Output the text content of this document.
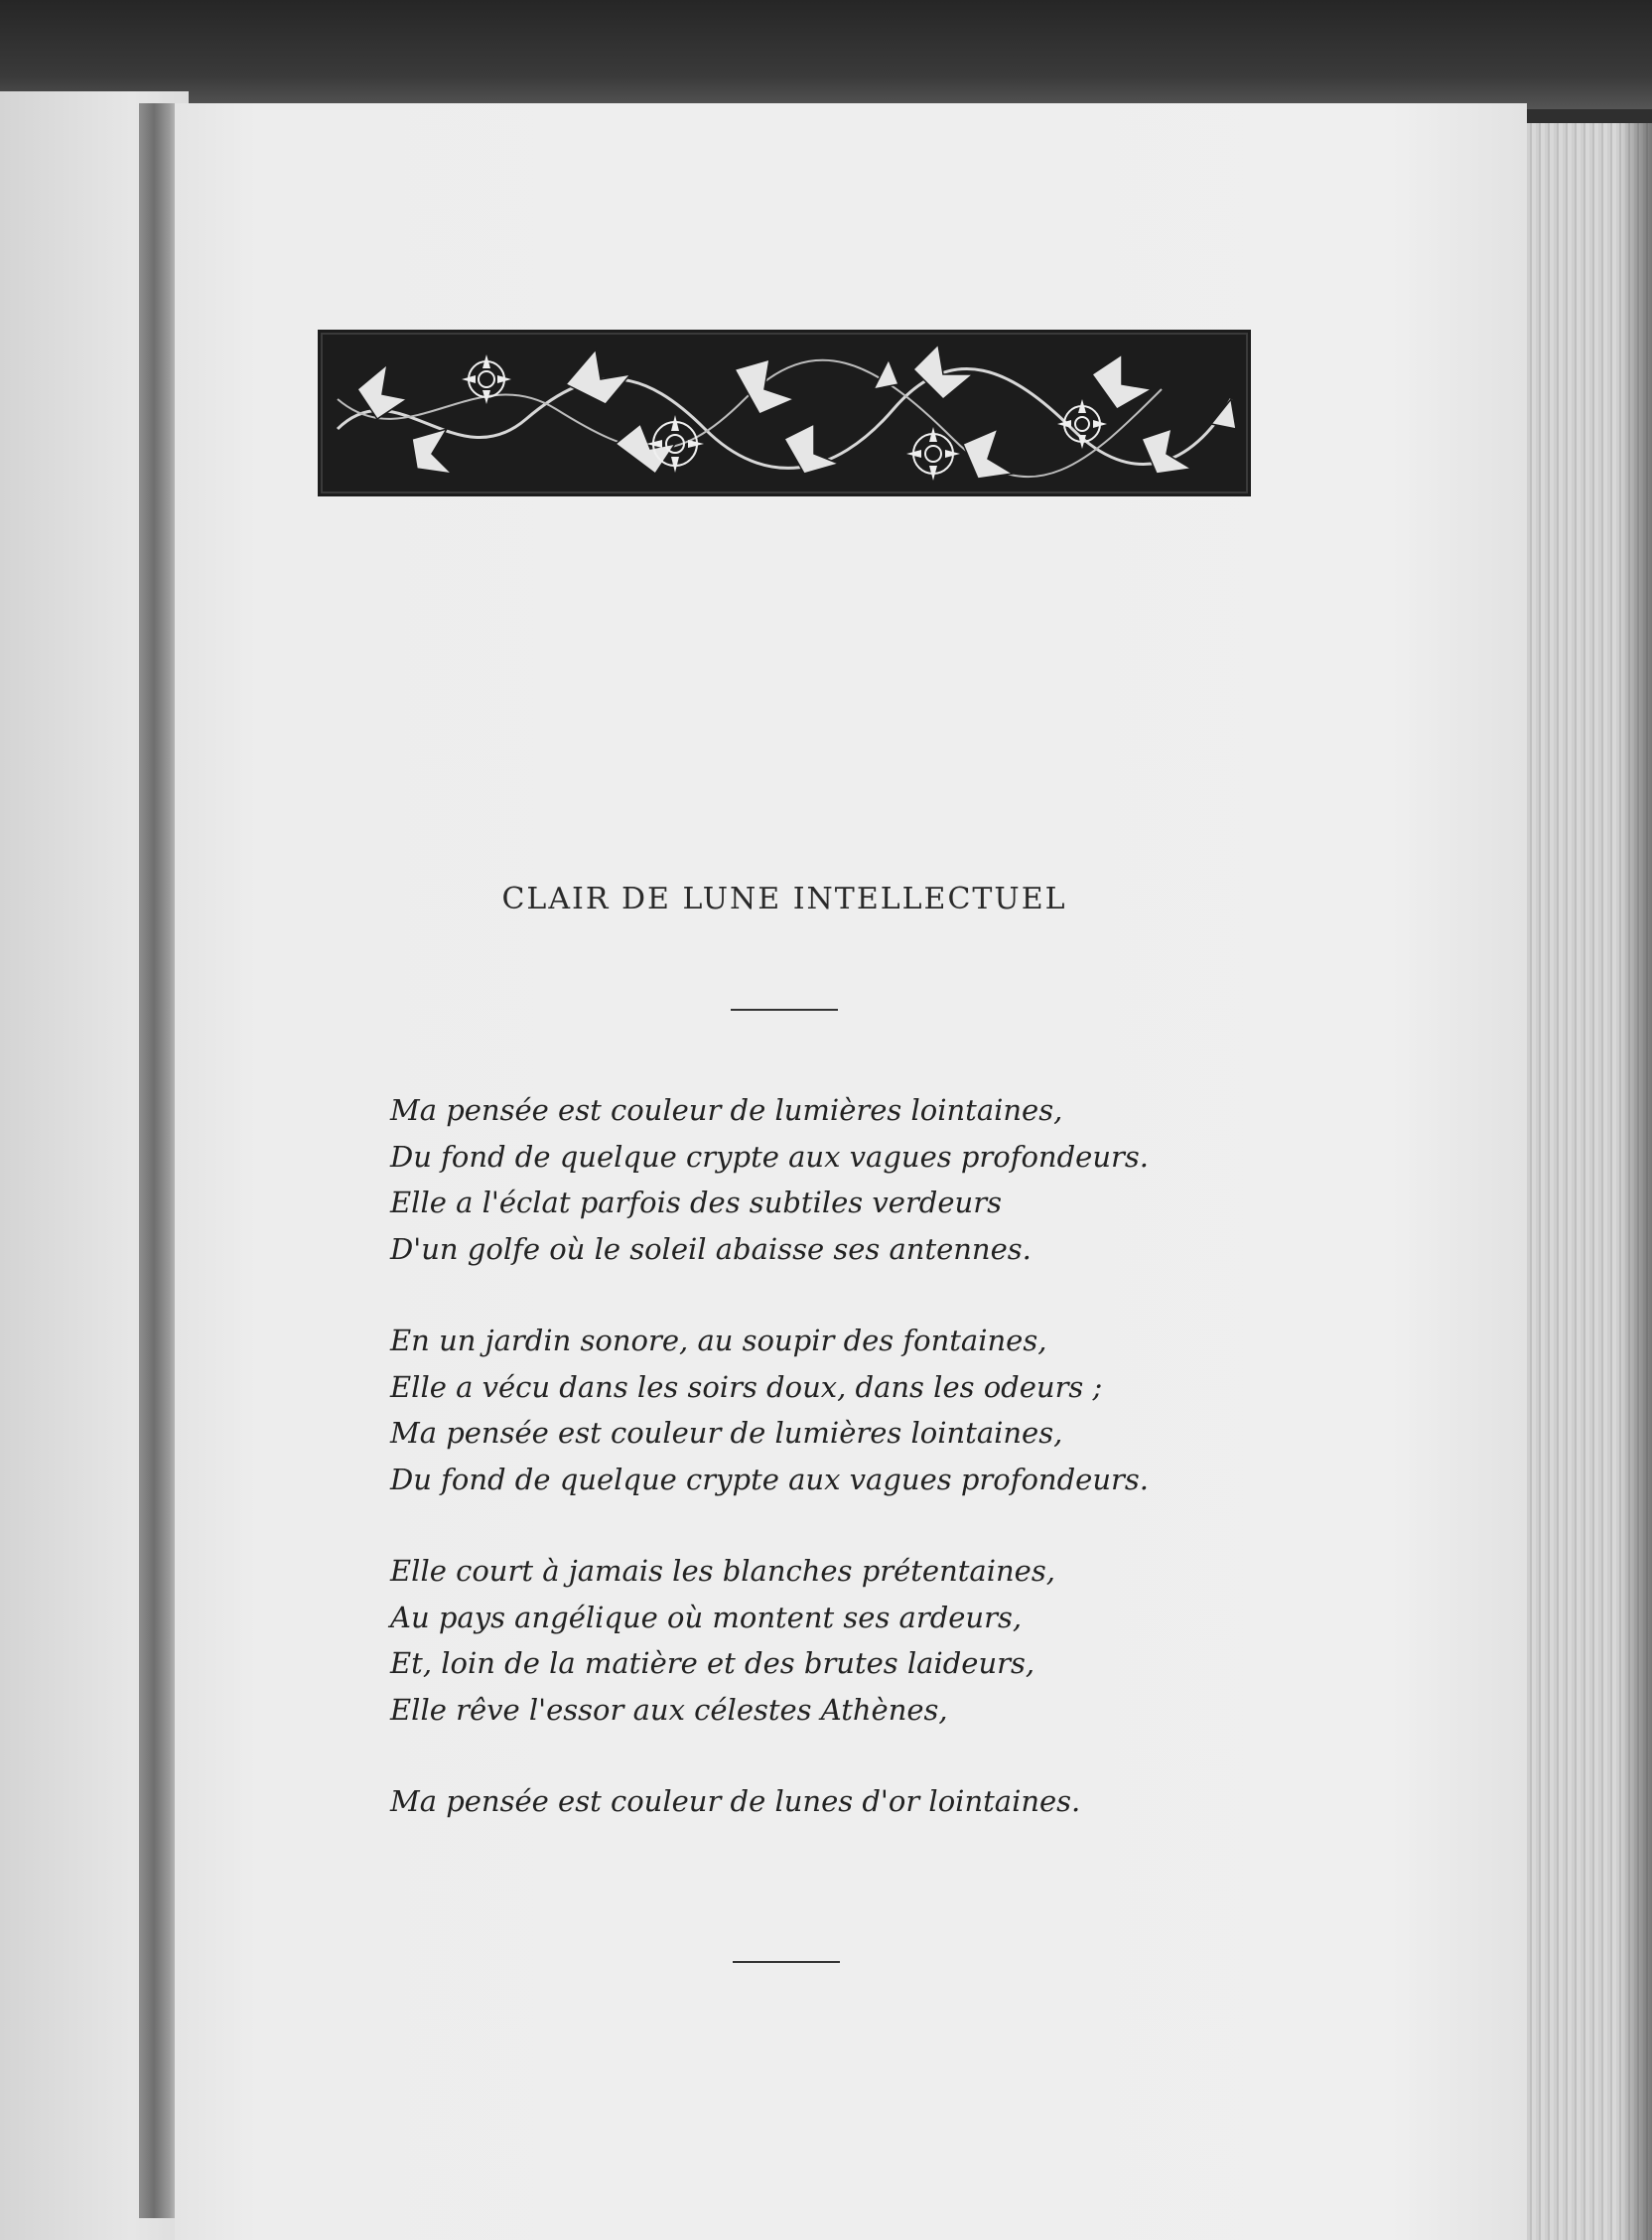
CLAIR DE LUNE INTELLECTUEL
Ma pensée est couleur de lumières lointaines,
Du fond de quelque crypte aux vagues profondeurs.
Elle a l'éclat parfois des subtiles verdeurs
D'un golfe où le soleil abaisse ses antennes.
En un jardin sonore, au soupir des fontaines,
Elle a vécu dans les soirs doux, dans les odeurs ;
Ma pensée est couleur de lumières lointaines,
Du fond de quelque crypte aux vagues profondeurs.
Elle court à jamais les blanches prétentaines,
Au pays angélique où montent ses ardeurs,
Et, loin de la matière et des brutes laideurs,
Elle rêve l'essor aux célestes Athènes,
Ma pensée est couleur de lunes d'or lointaines.
